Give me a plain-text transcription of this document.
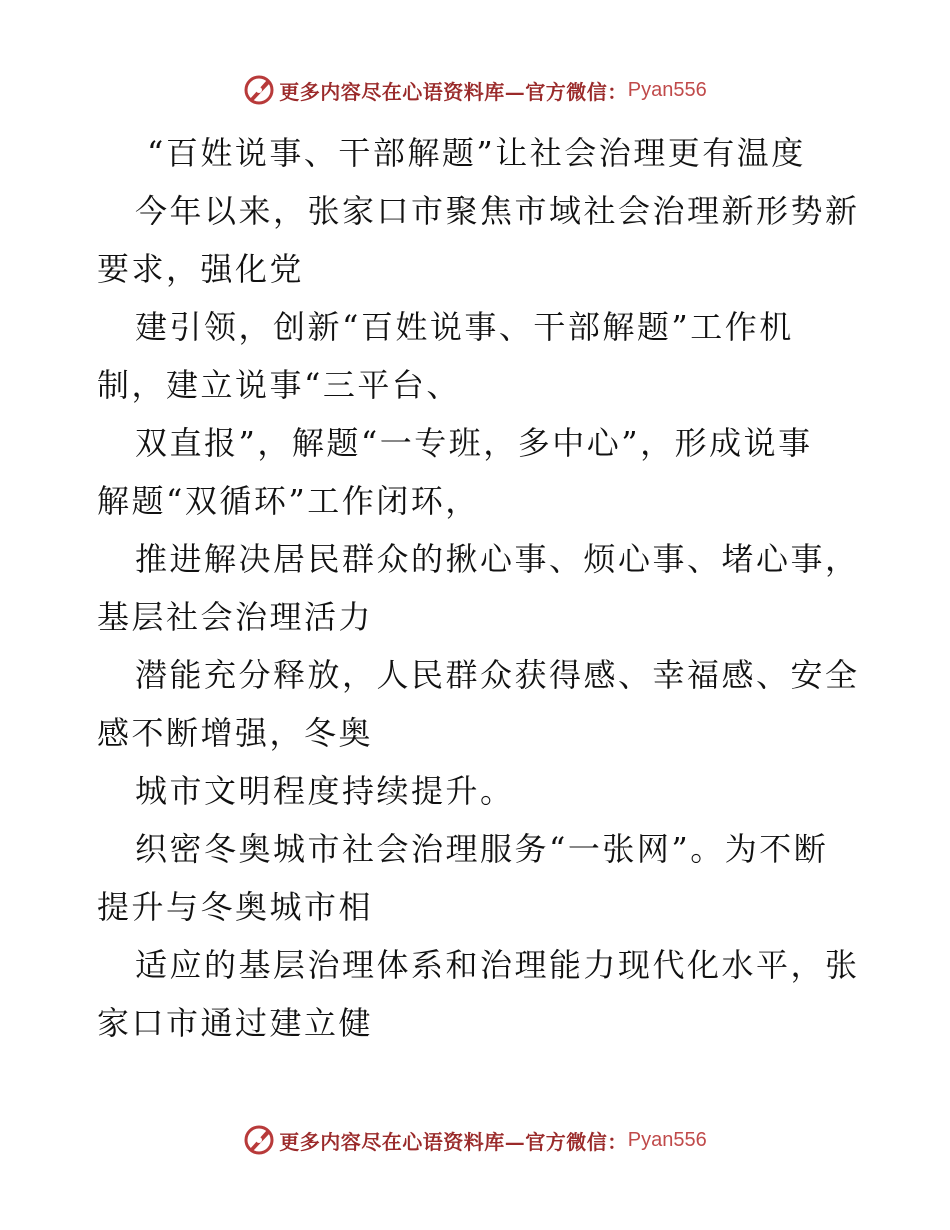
更多内容尽在心语资料库—官方微信： Pyan556

“百姓说事、干部解题”让社会治理更有温度

今年以来，张家口市聚焦市域社会治理新形势新

要求，强化党

建引领，创新“百姓说事、干部解题”工作机

制，建立说事“三平台、

双直报”，解题“一专班，多中心”，形成说事

解题“双循环”工作闭环，

推进解决居民群众的揪心事、烦心事、堵心事，

基层社会治理活力

潜能充分释放，人民群众获得感、幸福感、安全

感不断增强，冬奥

城市文明程度持续提升。

织密冬奥城市社会治理服务“一张网”。为不断

提升与冬奥城市相

适应的基层治理体系和治理能力现代化水平，张

家口市通过建立健

更多内容尽在心语资料库—官方微信： Pyan556
